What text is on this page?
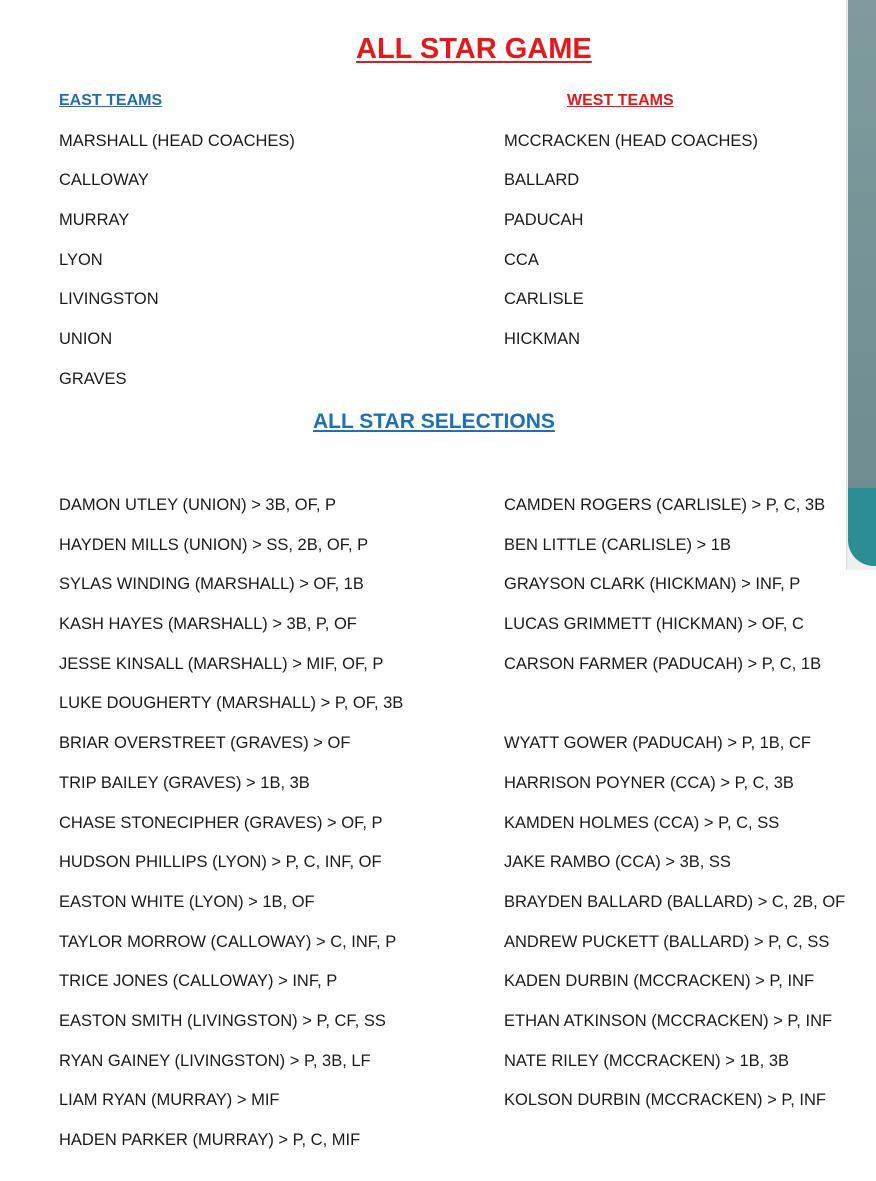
ALL STAR GAME
EAST TEAMS	WEST TEAMS
MARSHALL (HEAD COACHES)
CALLOWAY
MURRAY
LYON
LIVINGSTON
UNION
GRAVES
MCCRACKEN (HEAD COACHES)
BALLARD
PADUCAH
CCA
CARLISLE
HICKMAN
ALL STAR SELECTIONS
DAMON UTLEY (UNION) > 3B, OF, P
HAYDEN MILLS (UNION) > SS, 2B, OF, P
SYLAS WINDING (MARSHALL) > OF, 1B
KASH HAYES (MARSHALL) > 3B, P, OF
JESSE KINSALL (MARSHALL) > MIF, OF, P
LUKE DOUGHERTY (MARSHALL) > P, OF, 3B
BRIAR OVERSTREET (GRAVES) > OF
TRIP BAILEY (GRAVES) > 1B, 3B
CHASE STONECIPHER (GRAVES) > OF, P
HUDSON PHILLIPS (LYON) > P, C, INF, OF
EASTON WHITE (LYON) > 1B, OF
TAYLOR MORROW (CALLOWAY) > C, INF, P
TRICE JONES (CALLOWAY) > INF, P
EASTON SMITH (LIVINGSTON) > P, CF, SS
RYAN GAINEY (LIVINGSTON) > P, 3B, LF
LIAM RYAN (MURRAY) > MIF
HADEN PARKER (MURRAY) > P, C, MIF
CAMDEN ROGERS (CARLISLE) > P, C, 3B
BEN LITTLE (CARLISLE) > 1B
GRAYSON CLARK (HICKMAN) > INF, P
LUCAS GRIMMETT (HICKMAN) > OF, C
CARSON FARMER (PADUCAH) > P, C, 1B
WYATT GOWER (PADUCAH) > P, 1B, CF
HARRISON POYNER (CCA) > P, C, 3B
KAMDEN HOLMES (CCA) > P, C, SS
JAKE RAMBO (CCA) > 3B, SS
BRAYDEN BALLARD (BALLARD) > C, 2B, OF
ANDREW PUCKETT (BALLARD) > P, C, SS
KADEN DURBIN (MCCRACKEN) > P, INF
ETHAN ATKINSON (MCCRACKEN) > P, INF
NATE RILEY (MCCRACKEN) > 1B, 3B
KOLSON DURBIN (MCCRACKEN) > P, INF
